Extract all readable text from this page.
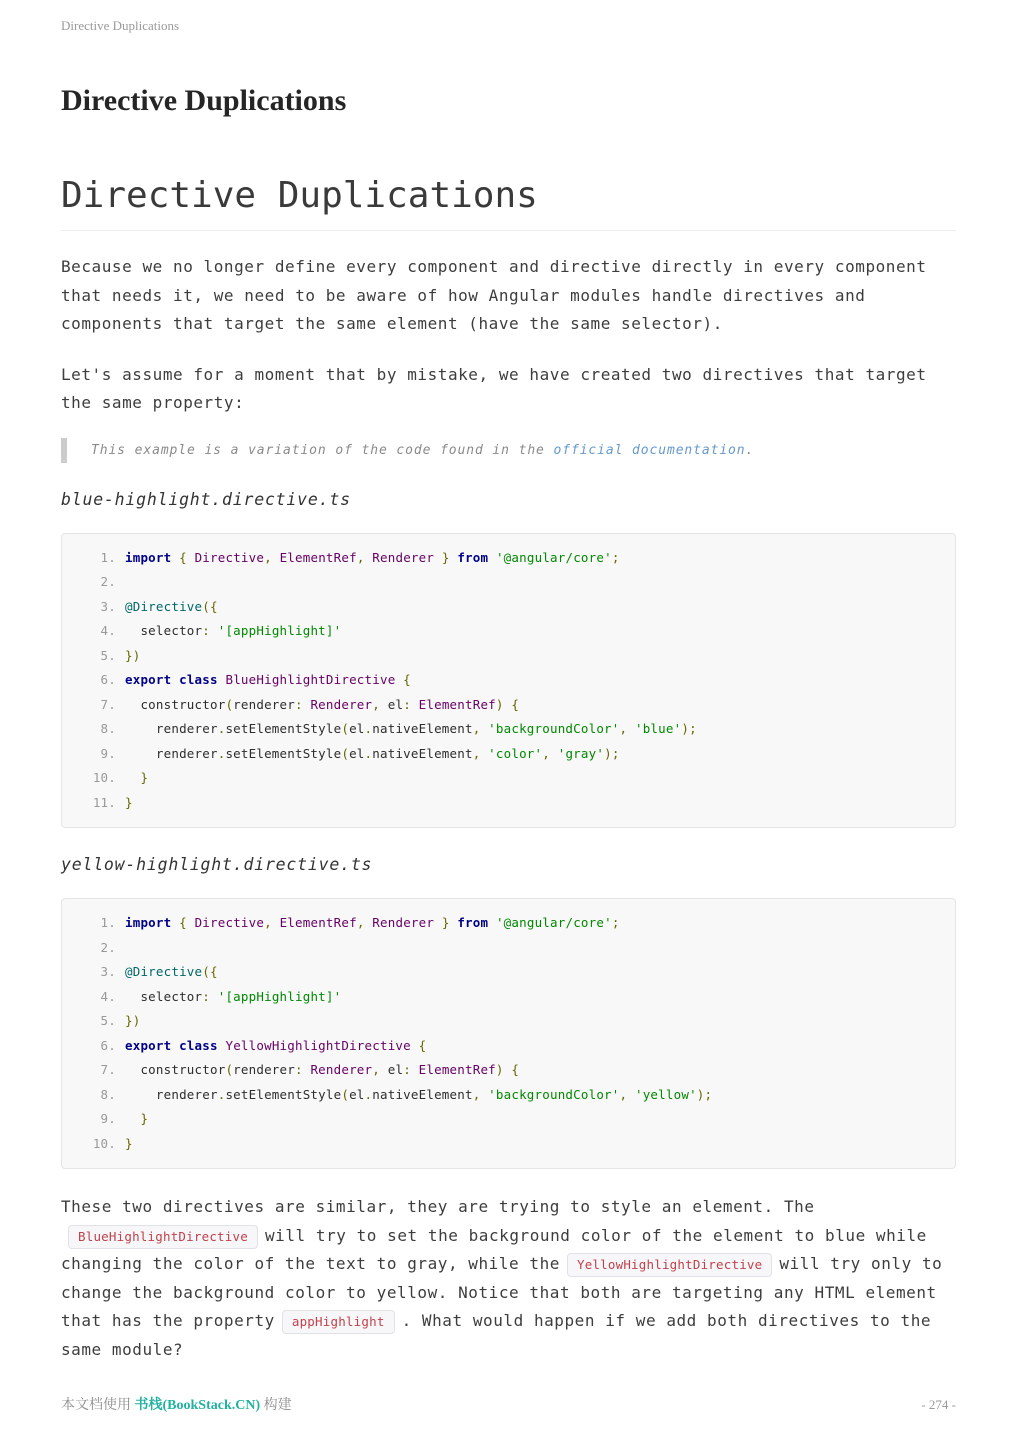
Directive Duplications
Directive Duplications
Directive Duplications

Because we no longer define every component and directive directly in every component that needs it, we need to be aware of how Angular modules handle directives and components that target the same element (have the same selector).

Let's assume for a moment that by mistake, we have created two directives that target the same property:

This example is a variation of the code found in the official documentation.
blue-highlight.directive.ts
1. import { Directive, ElementRef, Renderer } from '@angular/core';
2.
3. @Directive({
4. selector: '[appHighlight]'
5. })
6. export class BlueHighlightDirective {
7. constructor(renderer: Renderer, el: ElementRef) {
8. renderer.setElementStyle(el.nativeElement, 'backgroundColor', 'blue');
9. renderer.setElementStyle(el.nativeElement, 'color', 'gray');
10.	}
11. }
yellow-highlight.directive.ts
1. import { Directive, ElementRef, Renderer } from '@angular/core';
2.
3. @Directive({
4. selector: '[appHighlight]'
5. })
6. export class YellowHighlightDirective {
7. constructor(renderer: Renderer, el: ElementRef) {
8. renderer.setElementStyle(el.nativeElement, 'backgroundColor', 'yellow');
9.	}
10. }

These two directives are similar, they are trying to style an element. TheBlueHighlightDirective will try to set the background color of the element to blue while changing the color of the text to gray, while the YellowHighlightDirective will try only to change the background color to yellow. Notice that both are targeting any HTML element that has the property appHighlight . What would happen if we add both directives to the same module?

本文档使用 书栈(BookStack.CN) 构建	- 274 -
